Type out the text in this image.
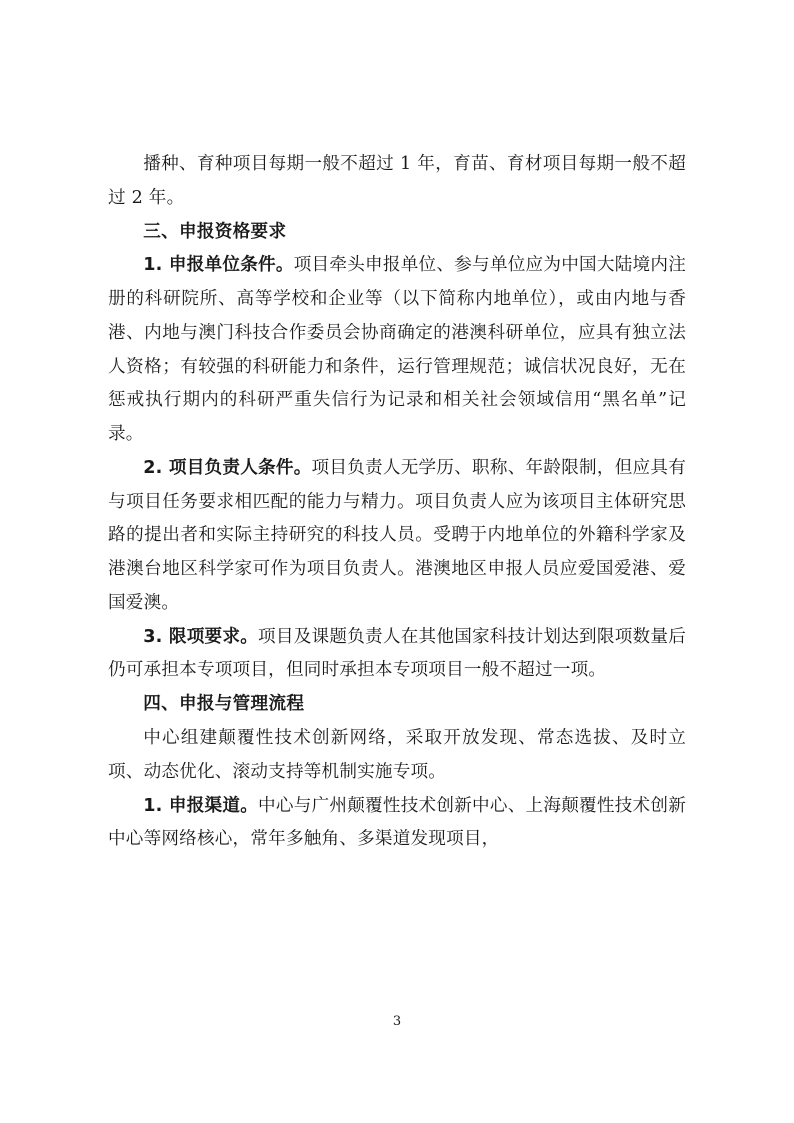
播种、育种项目每期一般不超过 1 年，育苗、育材项目每期一般不超过 2 年。

三、申报资格要求

1. 申报单位条件。项目牵头申报单位、参与单位应为中国大陆境内注册的科研院所、高等学校和企业等（以下简称内地单位），或由内地与香港、内地与澳门科技合作委员会协商确定的港澳科研单位，应具有独立法人资格；有较强的科研能力和条件，运行管理规范；诚信状况良好，无在惩戒执行期内的科研严重失信行为记录和相关社会领域信用“黑名单”记录。

2. 项目负责人条件。项目负责人无学历、职称、年龄限制，但应具有与项目任务要求相匹配的能力与精力。项目负责人应为该项目主体研究思路的提出者和实际主持研究的科技人员。受聘于内地单位的外籍科学家及港澳台地区科学家可作为项目负责人。港澳地区申报人员应爱国爱港、爱国爱澳。

3. 限项要求。项目及课题负责人在其他国家科技计划达到限项数量后仍可承担本专项项目，但同时承担本专项项目一般不超过一项。

四、申报与管理流程

中心组建颠覆性技术创新网络，采取开放发现、常态选拔、及时立项、动态优化、滚动支持等机制实施专项。

1. 申报渠道。中心与广州颠覆性技术创新中心、上海颠覆性技术创新中心等网络核心，常年多触角、多渠道发现项目，

3
